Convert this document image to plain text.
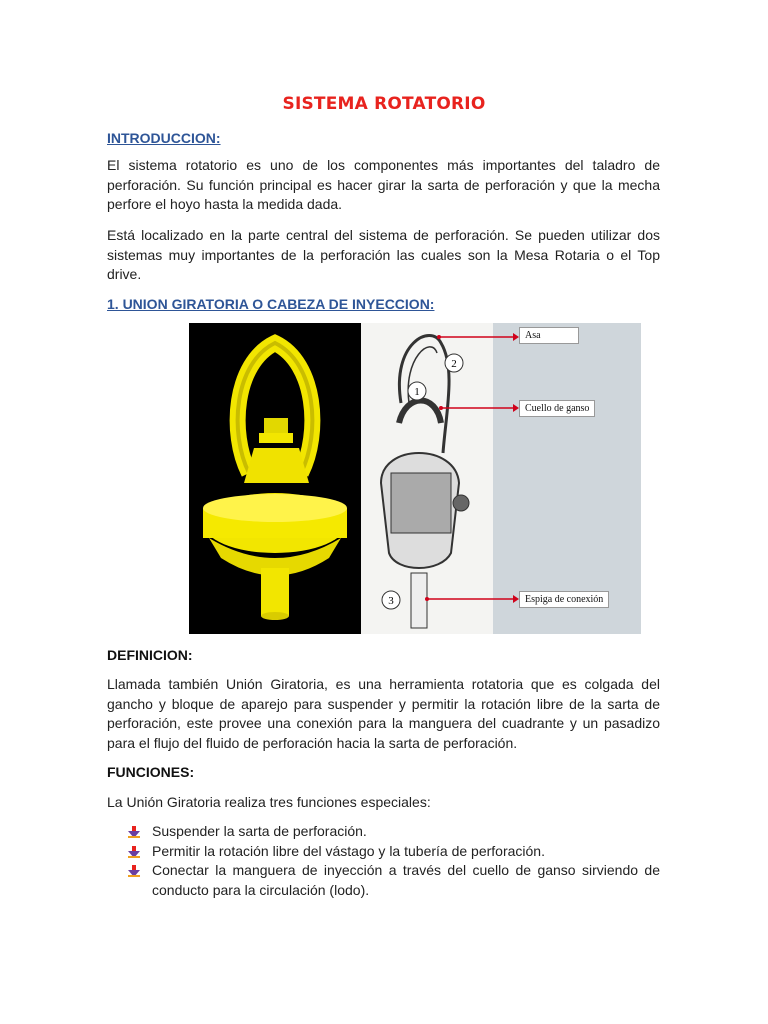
SISTEMA ROTATORIO
INTRODUCCION:
El sistema rotatorio es uno de los componentes más importantes del taladro de perforación. Su función principal es hacer girar la sarta de perforación y que la mecha perfore el hoyo hasta la medida dada.
Está localizado en la parte central del sistema de perforación. Se pueden utilizar dos sistemas muy importantes de la perforación las cuales son la Mesa Rotaria o el Top drive.
1. UNION GIRATORIA O CABEZA DE INYECCION:
2
1
3
Asa
Cuello de ganso
Espiga de conexión
DEFINICION:
Llamada también Unión Giratoria, es una herramienta rotatoria que es colgada del gancho y bloque de aparejo para suspender y permitir la rotación libre de la sarta de perforación, este provee una conexión para la manguera del cuadrante y un pasadizo para el flujo del fluido de perforación hacia la sarta de perforación.
FUNCIONES:
La Unión Giratoria realiza tres funciones especiales:
Suspender la sarta de perforación.
Permitir la rotación libre del vástago y la tubería de perforación.
Conectar la manguera de inyección a través del cuello de ganso sirviendo de conducto para la circulación (lodo).
